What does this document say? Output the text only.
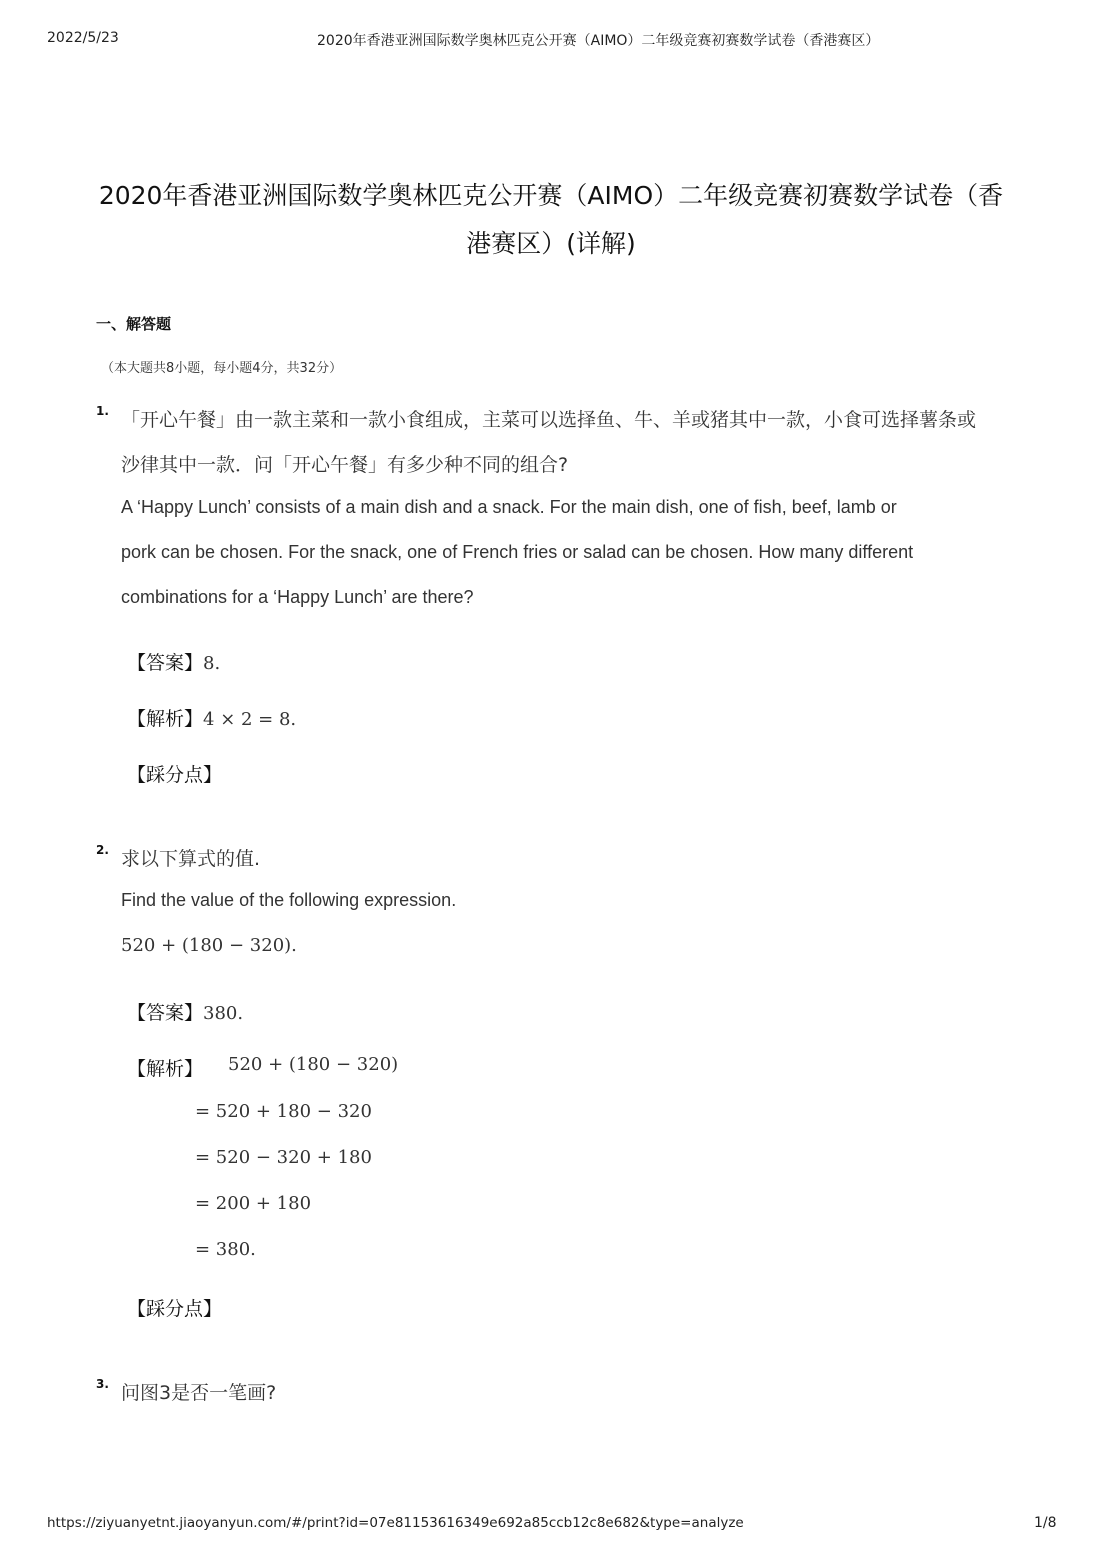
2022/5/23	2020年香港亚洲国际数学奥林匹克公开赛（AIMO）二年级竞赛初赛数学试卷（香港赛区）
2020年香港亚洲国际数学奥林匹克公开赛（AIMO）二年级竞赛初赛数学试卷（香
港赛区）(详解)
一、解答题
（本大题共8小题，每小题4分，共32分）
1. 「开心午餐」由一款主菜和一款小食组成，主菜可以选择鱼、牛、羊或猪其中一款，小食可选择薯条或
沙律其中一款．问「开心午餐」有多少种不同的组合?
A ‘Happy Lunch’ consists of a main dish and a snack. For the main dish, one of fish, beef, lamb or
pork can be chosen. For the snack, one of French fries or salad can be chosen. How many different
combinations for a ‘Happy Lunch’ are there?
【答案】8.
【解析】4 × 2 = 8.
【踩分点】
2. 求以下算式的值.
Find the value of the following expression.
520 + (180 − 320).
【答案】380.
【解析】 520 + (180 − 320)
= 520 + 180 − 320
= 520 − 320 + 180
= 200 + 180
= 380.
【踩分点】
3. 问图3是否一笔画?
https://ziyuanyetnt.jiaoyanyun.com/#/print?id=07e81153616349e692a85ccb12c8e682&type=analyze	1/8
